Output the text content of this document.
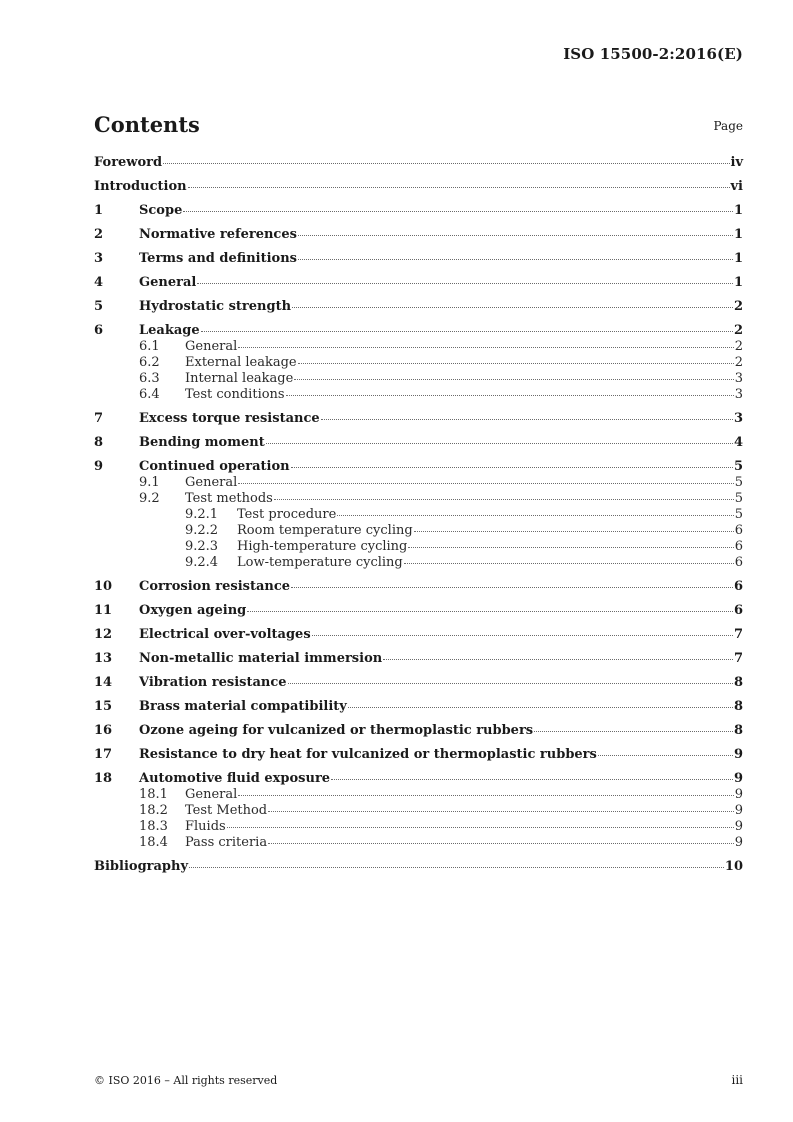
ISO 15500-2:2016(E)
Contents	Page
Foreword	iv
Introduction	vi
1	Scope	1
2	Normative references	1
3	Terms and definitions	1
4	General	1
5	Hydrostatic strength	2
6	Leakage	2
6.1	General	2
6.2	External leakage	2
6.3	Internal leakage	3
6.4	Test conditions	3
7	Excess torque resistance	3
8	Bending moment	4
9	Continued operation	5
9.1	General	5
9.2	Test methods	5
9.2.1	Test procedure	5
9.2.2	Room temperature cycling	6
9.2.3	High-temperature cycling	6
9.2.4	Low-temperature cycling	6
10	Corrosion resistance	6
11	Oxygen ageing	6
12	Electrical over-voltages	7
13	Non-metallic material immersion	7
14	Vibration resistance	8
15	Brass material compatibility	8
16	Ozone ageing for vulcanized or thermoplastic rubbers	8
17	Resistance to dry heat for vulcanized or thermoplastic rubbers	9
18	Automotive fluid exposure	9
18.1	General	9
18.2	Test Method	9
18.3	Fluids	9
18.4	Pass criteria	9
Bibliography	10
© ISO 2016 – All rights reserved	iii
